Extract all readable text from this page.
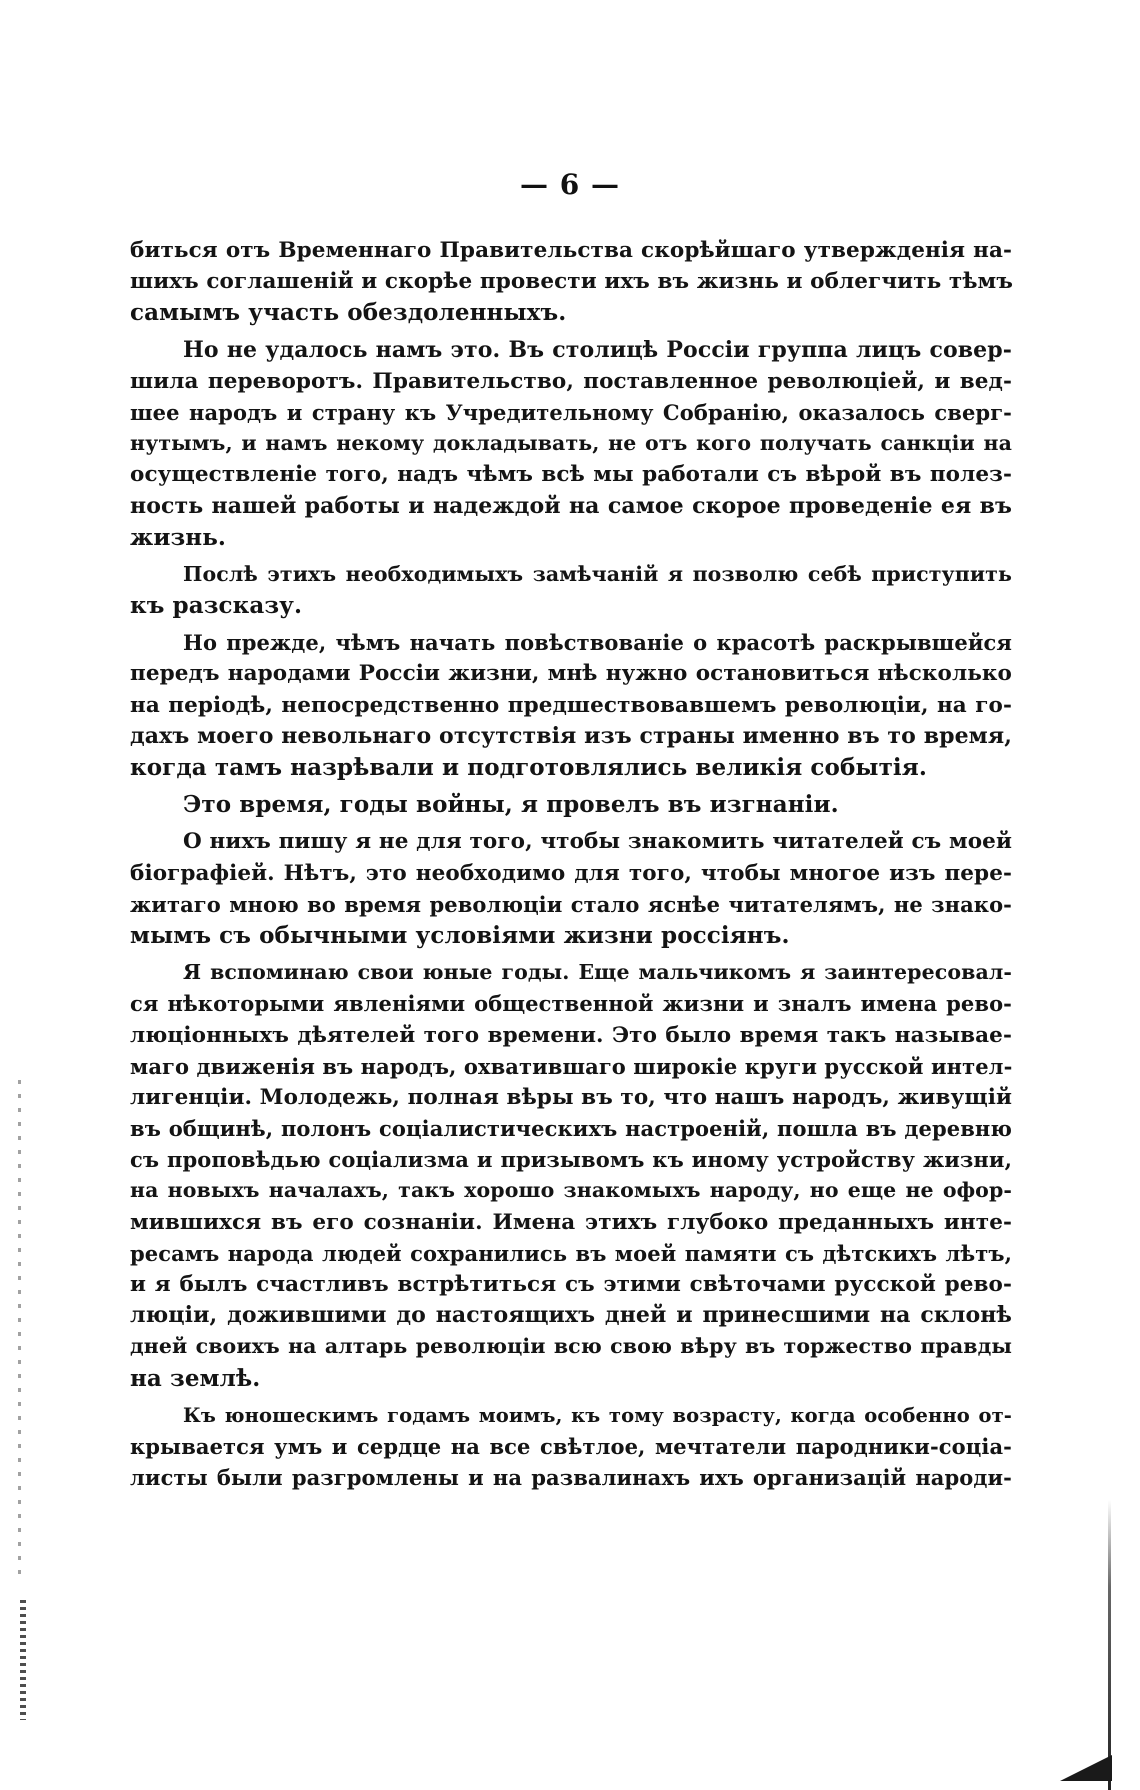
— 6 —
биться отъ Временнаго Правительства скорѣйшаго утвержденія на-
шихъ соглашеній и скорѣе провести ихъ въ жизнь и облегчить тѣмъ
самымъ участь обездоленныхъ.
Но не удалось намъ это. Въ столицѣ Россіи группа лицъ совер-
шила переворотъ. Правительство, поставленное революціей, и вед-
шее народъ и страну къ Учредительному Собранію, оказалось сверг-
нутымъ, и намъ некому докладывать, не отъ кого получать санкціи на
осуществленіе того, надъ чѣмъ всѣ мы работали съ вѣрой въ полез-
ность нашей работы и надеждой на самое скорое проведеніе ея въ
жизнь.
Послѣ этихъ необходимыхъ замѣчаній я позволю себѣ приступить
къ разсказу.
Но прежде, чѣмъ начать повѣствованіе о красотѣ раскрывшейся
передъ народами Россіи жизни, мнѣ нужно остановиться нѣсколько
на періодѣ, непосредственно предшествовавшемъ революціи, на го-
дахъ моего невольнаго отсутствія изъ страны именно въ то время,
когда тамъ назрѣвали и подготовлялись великія событія.
Это время, годы войны, я провелъ въ изгнаніи.
О нихъ пишу я не для того, чтобы знакомить читателей съ моей
біографіей. Нѣтъ, это необходимо для того, чтобы многое изъ пере-
житаго мною во время революціи стало яснѣе читателямъ, не знако-
мымъ съ обычными условіями жизни россіянъ.
Я вспоминаю свои юные годы. Еще мальчикомъ я заинтересовал-
ся нѣкоторыми явленіями общественной жизни и зналъ имена рево-
люціонныхъ дѣятелей того времени. Это было время такъ называе-
маго движенія въ народъ, охватившаго широкіе круги русской интел-
лигенціи. Молодежь, полная вѣры въ то, что нашъ народъ, живущій
въ общинѣ, полонъ соціалистическихъ настроеній, пошла въ деревню
съ проповѣдью соціализма и призывомъ къ иному устройству жизни,
на новыхъ началахъ, такъ хорошо знакомыхъ народу, но еще не офор-
мившихся въ его сознаніи. Имена этихъ глубоко преданныхъ инте-
ресамъ народа людей сохранились въ моей памяти съ дѣтскихъ лѣтъ,
и я былъ счастливъ встрѣтиться съ этими свѣточами русской рево-
люціи, дожившими до настоящихъ дней и принесшими на склонѣ
дней своихъ на алтарь революціи всю свою вѣру въ торжество правды
на землѣ.
Къ юношескимъ годамъ моимъ, къ тому возрасту, когда особенно от-
крывается умъ и сердце на все свѣтлое, мечтатели пародники-соціа-
листы были разгромлены и на развалинахъ ихъ организацій народи-
